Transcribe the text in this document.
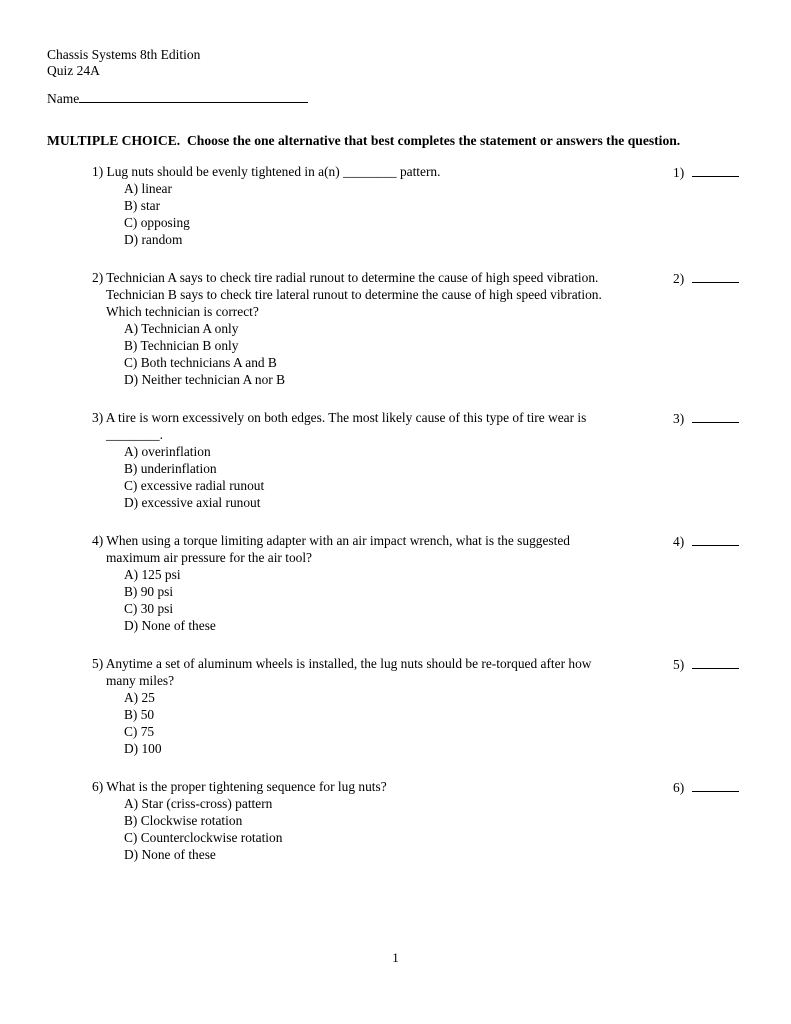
Chassis Systems 8th Edition
Quiz 24A
Name
MULTIPLE CHOICE.  Choose the one alternative that best completes the statement or answers the question.
1) Lug nuts should be evenly tightened in a(n) ________ pattern.
A) linear
B) star
C) opposing
D) random
1)
2) Technician A says to check tire radial runout to determine the cause of high speed vibration.
Technician B says to check tire lateral runout to determine the cause of high speed vibration.
Which technician is correct?
A) Technician A only
B) Technician B only
C) Both technicians A and B
D) Neither technician A nor B
2)
3) A tire is worn excessively on both edges. The most likely cause of this type of tire wear is
________.
A) overinflation
B) underinflation
C) excessive radial runout
D) excessive axial runout
3)
4) When using a torque limiting adapter with an air impact wrench, what is the suggested
maximum air pressure for the air tool?
A) 125 psi
B) 90 psi
C) 30 psi
D) None of these
4)
5) Anytime a set of aluminum wheels is installed, the lug nuts should be re-torqued after how
many miles?
A) 25
B) 50
C) 75
D) 100
5)
6) What is the proper tightening sequence for lug nuts?
A) Star (criss-cross) pattern
B) Clockwise rotation
C) Counterclockwise rotation
D) None of these
6)
1
